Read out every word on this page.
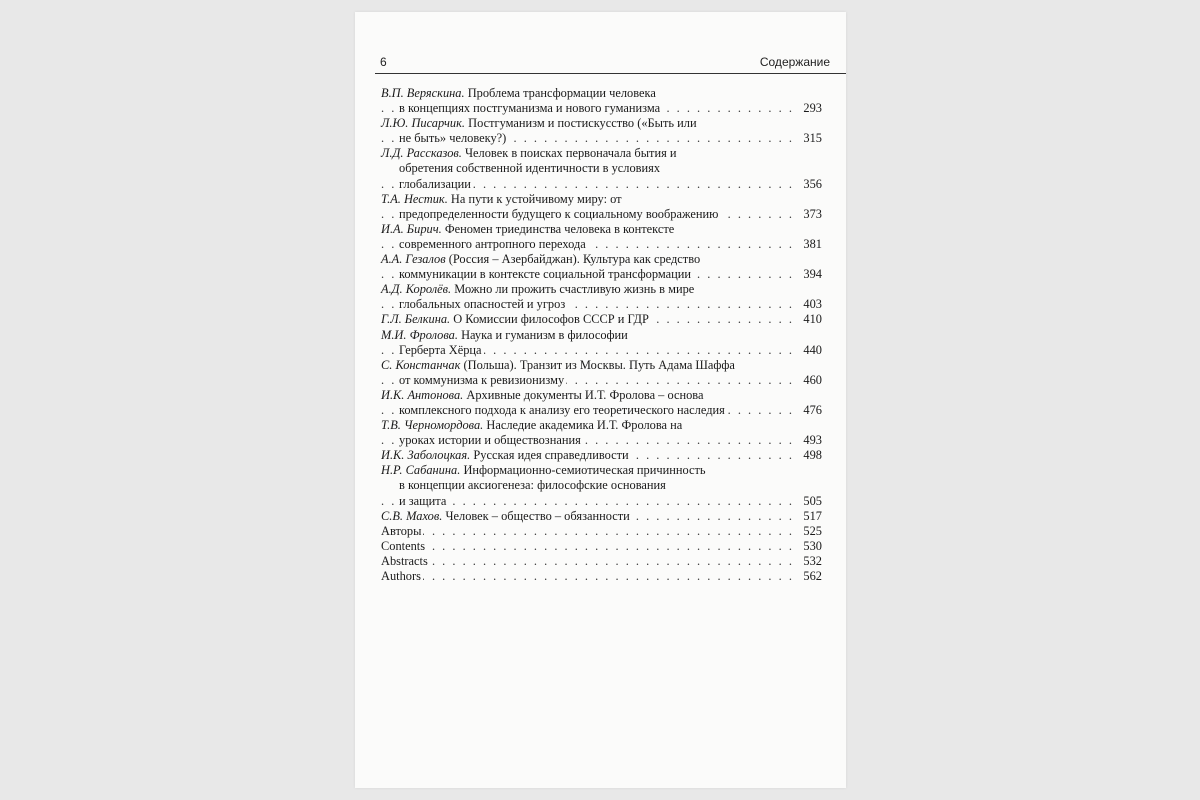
6	Содержание
В.П. Веряскина. Проблема трансформации человека
. . .
в концепциях постгуманизма и нового гуманизма	293
Л.Ю. Писарчик. Постгуманизм и постискусство («Быть или
. . .
не быть» человеку?)	315
Л.Д. Рассказов. Человек в поисках первоначала бытия и
обретения собственной идентичности в условиях
. . .
глобализации	356
Т.А. Нестик. На пути к устойчивому миру: от
. . .
предопределенности будущего к социальному воображению	373
И.А. Бирич. Феномен триединства человека в контексте
. . .
современного антропного перехода	381
А.А. Гезалов (Россия – Азербайджан). Культура как средство
. . .
коммуникации в контексте социальной трансформации	394
А.Д. Королёв. Можно ли прожить счастливую жизнь в мире
. . .
глобальных опасностей и угроз	403
. . .
Г.Л. Белкина. О Комиссии философов СССР и ГДР	410
М.И. Фролова. Наука и гуманизм в философии
. . .
Герберта Хёрца	440
С. Констанчак (Польша). Транзит из Москвы. Путь Адама Шаффа
. . .
от коммунизма к ревизионизму	460
И.К. Антонова. Архивные документы И.Т. Фролова – основа
. . .
комплексного подхода к анализу его теоретического наследия	476
Т.В. Черномордова. Наследие академика И.Т. Фролова на
. . .
уроках истории и обществознания	493
. . .
И.К. Заболоцкая. Русская идея справедливости	498
Н.Р. Сабанина. Информационно-семиотическая причинность
в концепции аксиогенеза: философские основания
. . .
и защита	505
. . .
С.В. Махов. Человек – общество – обязанности	517
. . .
Авторы	525
. . .
Contents	530
. . .
Abstracts	532
. . .
Authors	562
